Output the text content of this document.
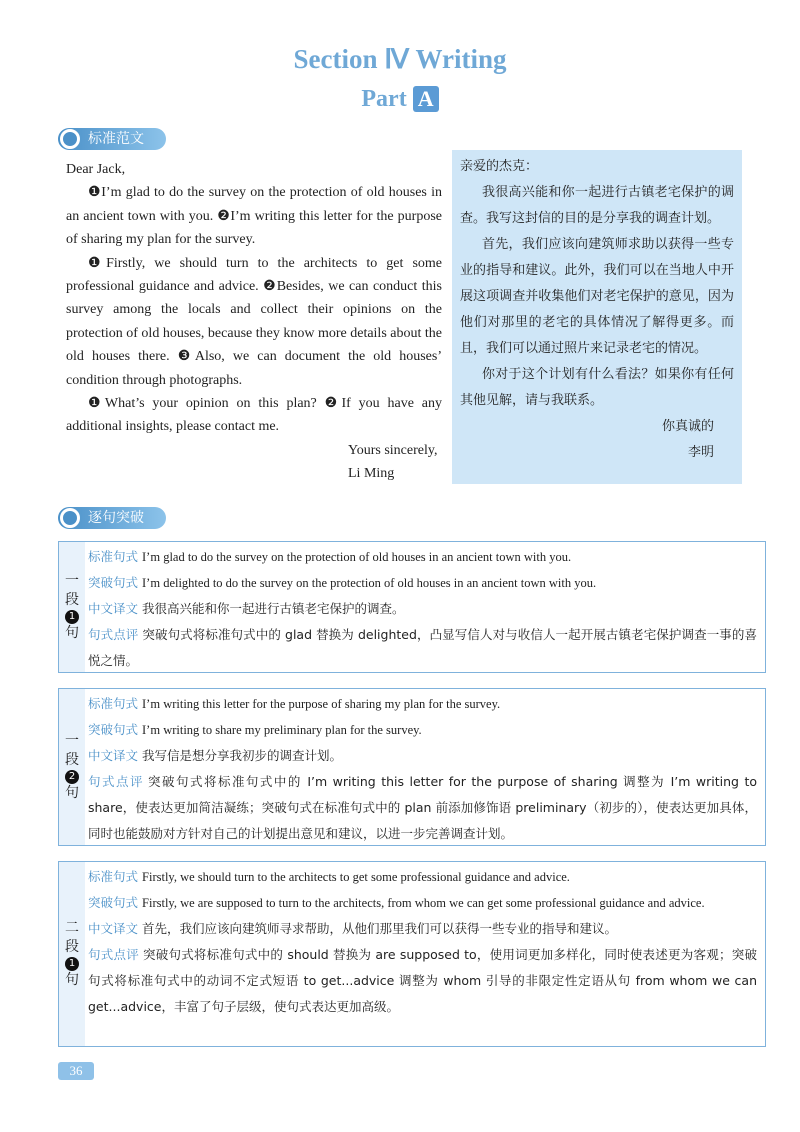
Section Ⅳ Writing
Part A
标准范文

Dear Jack,

❶I’m glad to do the survey on the protection of old houses in an ancient town with you. ❷I’m writing this letter for the purpose of sharing my plan for the survey.

❶Firstly, we should turn to the architects to get some professional guidance and advice. ❷Besides, we can conduct this survey among the locals and collect their opinions on the protection of old houses, because they know more details about the old houses there. ❸Also, we can document the old houses’ condition through photographs.

❶What’s your opinion on this plan? ❷If you have any additional insights, please contact me.

Yours sincerely,

Li Ming

亲爱的杰克：

我很高兴能和你一起进行古镇老宅保护的调查。我写这封信的目的是分享我的调查计划。

首先，我们应该向建筑师求助以获得一些专业的指导和建议。此外，我们可以在当地人中开展这项调查并收集他们对老宅保护的意见，因为他们对那里的老宅的具体情况了解得更多。而且，我们可以通过照片来记录老宅的情况。

你对于这个计划有什么看法？如果你有任何其他见解，请与我联系。

你真诚的

李明

逐句突破
一
段
1
句

标准句式 I’m glad to do the survey on the protection of old houses in an ancient town with you.

突破句式 I’m delighted to do the survey on the protection of old houses in an ancient town with you.

中文译文 我很高兴能和你一起进行古镇老宅保护的调查。

句式点评 突破句式将标准句式中的 glad 替换为 delighted，凸显写信人对与收信人一起开展古镇老宅保护调查一事的喜悦之情。

一
段
2
句

标准句式 I’m writing this letter for the purpose of sharing my plan for the survey.

突破句式 I’m writing to share my preliminary plan for the survey.

中文译文 我写信是想分享我初步的调查计划。

句式点评 突破句式将标准句式中的 I’m writing this letter for the purpose of sharing 调整为 I’m writing to share，使表达更加简洁凝练；突破句式在标准句式中的 plan 前添加修饰语 preliminary（初步的），使表达更加具体，同时也能鼓励对方针对自己的计划提出意见和建议，以进一步完善调查计划。

二
段
1
句

标准句式 Firstly, we should turn to the architects to get some professional guidance and advice.

突破句式 Firstly, we are supposed to turn to the architects, from whom we can get some professional guidance and advice.

中文译文 首先，我们应该向建筑师寻求帮助，从他们那里我们可以获得一些专业的指导和建议。

句式点评 突破句式将标准句式中的 should 替换为 are supposed to，使用词更加多样化，同时使表述更为客观；突破句式将标准句式中的动词不定式短语 to get...advice 调整为 whom 引导的非限定性定语从句 from whom we can get...advice，丰富了句子层级，使句式表达更加高级。

36
